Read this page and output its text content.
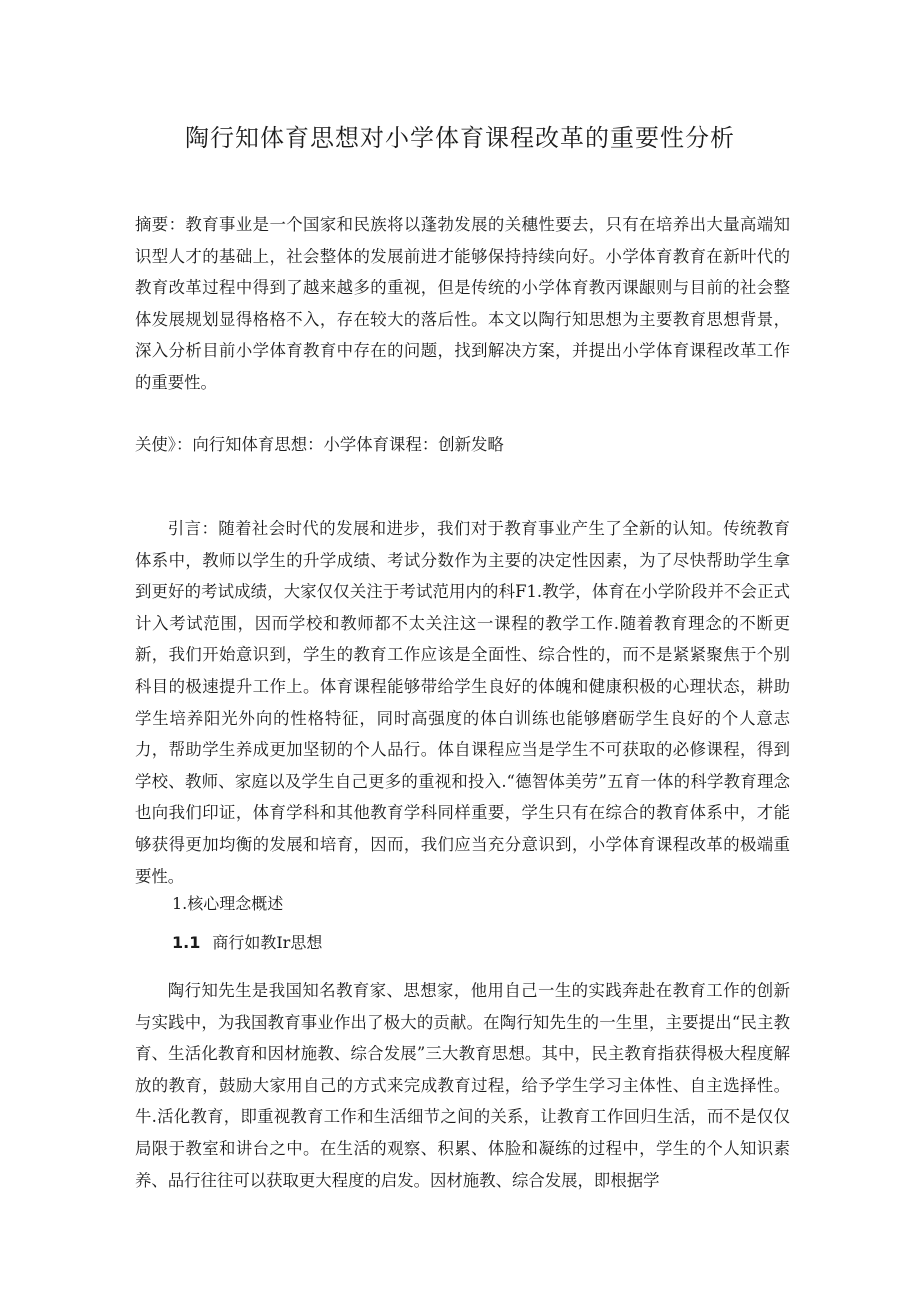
陶行知体育思想对小学体育课程改革的重要性分析

摘要：教育事业是一个国家和民族将以蓬勃发展的关穗性要去，只有在培养出大量高端知识型人才的基础上，社会整体的发展前进才能够保持持续向好。小学体育教育在新叶代的教育改革过程中得到了越来越多的重视，但是传统的小学体育教丙课龈则与目前的社会整体发展规划显得格格不入，存在较大的落后性。本文以陶行知思想为主要教育思想背景，深入分析目前小学体育教育中存在的问题，找到解决方案，并提出小学体育课程改革工作的重要性。

关使》：向行知体育思想：小学体育课程：创新发略

引言：随着社会时代的发展和进步，我们对于教育事业产生了全新的认知。传统教育体系中，教师以学生的升学成绩、考试分数作为主要的决定性因素，为了尽快帮助学生拿到更好的考试成绩，大家仅仅关注于考试范用内的科F1.教学，体育在小学阶段并不会正式计入考试范围，因而学校和教师都不太关注这一课程的教学工作.随着教育理念的不断更新，我们开始意识到，学生的教育工作应该是全面性、综合性的，而不是紧紧聚焦于个别科目的极速提升工作上。体育课程能够带给学生良好的体魄和健康积极的心理状态，耕助学生培养阳光外向的性格特征，同时高强度的体白训练也能够磨砺学生良好的个人意志力，帮助学生养成更加坚韧的个人品行。体自课程应当是学生不可获取的必修课程，得到学校、教师、家庭以及学生自己更多的重视和投入.“德智体美劳”五育一体的科学教育理念也向我们印证，体育学科和其他教育学科同样重要，学生只有在综合的教育体系中，才能够获得更加均衡的发展和培育，因而，我们应当充分意识到，小学体育课程改革的极端重要性。

1.核心理念概述
1.1 商行如教Ir思想

陶行知先生是我国知名教育家、思想家，他用自己一生的实践奔赴在教育工作的创新与实践中，为我国教育事业作出了极大的贡献。在陶行知先生的一生里，主要提出“民主教育、生活化教育和因材施教、综合发展”三大教育思想。其中，民主教育指获得极大程度解放的教育，鼓励大家用自己的方式来完成教育过程，给予学生学习主体性、自主选择性。牛.活化教育，即重视教育工作和生活细节之间的关系，让教育工作回归生活，而不是仅仅局限于教室和讲台之中。在生活的观察、积累、体脸和凝练的过程中，学生的个人知识素养、品行往往可以获取更大程度的启发。因材施教、综合发展，即根据学
